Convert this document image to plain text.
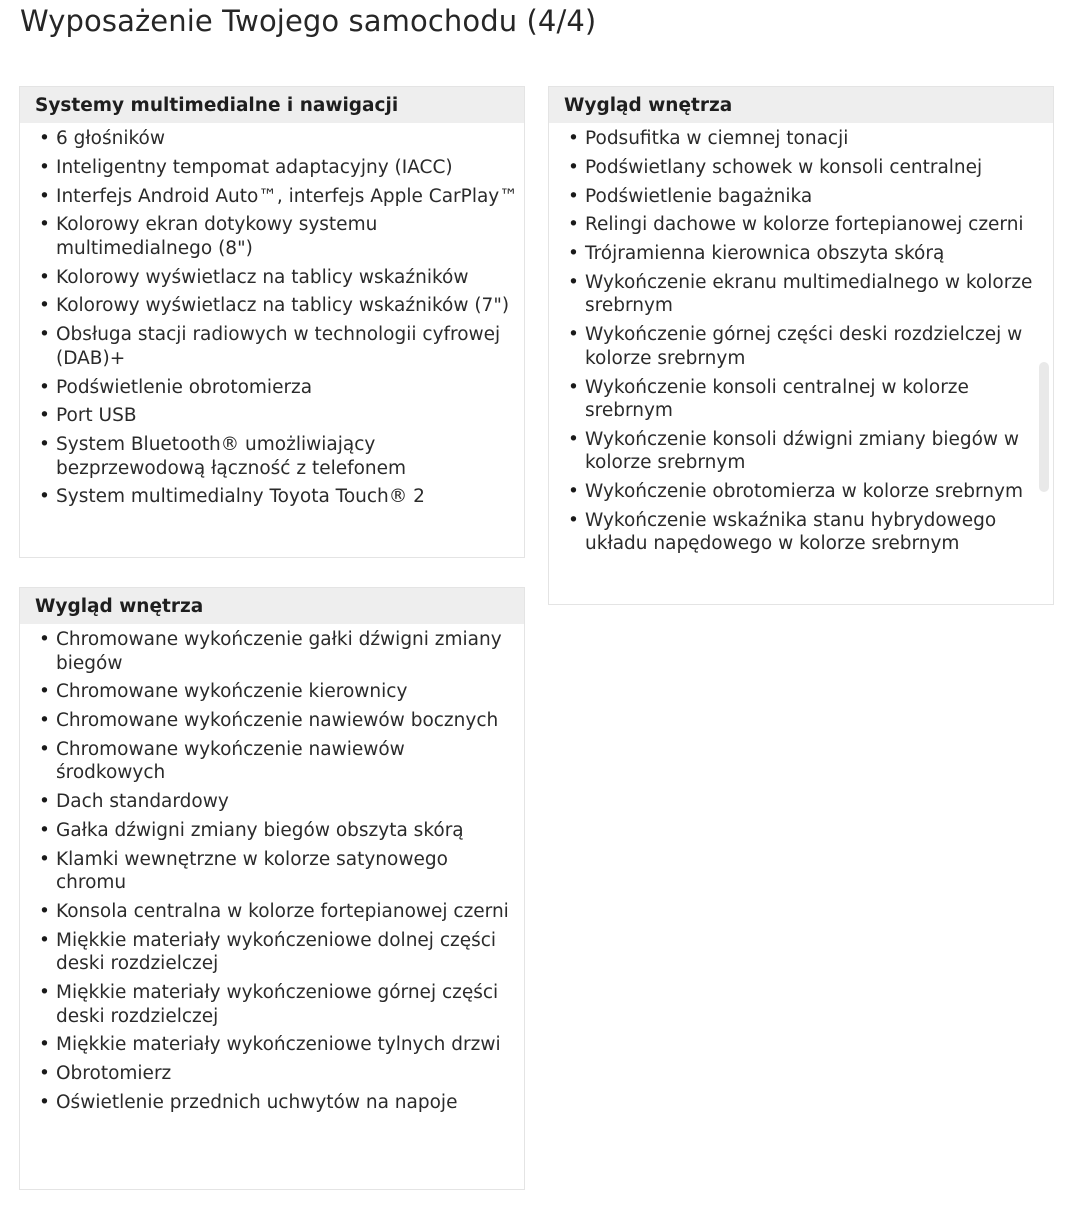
Wyposażenie Twojego samochodu (4/4)
Systemy multimedialne i nawigacji
• 6 głośników
• Inteligentny tempomat adaptacyjny (IACC)
• Interfejs Android Auto™, interfejs Apple CarPlay™
• Kolorowy ekran dotykowy systemu multimedialnego (8")
• Kolorowy wyświetlacz na tablicy wskaźników
• Kolorowy wyświetlacz na tablicy wskaźników (7")
• Obsługa stacji radiowych w technologii cyfrowej (DAB)+
• Podświetlenie obrotomierza
• Port USB
• System Bluetooth® umożliwiający bezprzewodową łączność z telefonem
• System multimedialny Toyota Touch® 2
Wygląd wnętrza
• Chromowane wykończenie gałki dźwigni zmiany biegów
• Chromowane wykończenie kierownicy
• Chromowane wykończenie nawiewów bocznych
• Chromowane wykończenie nawiewów środkowych
• Dach standardowy
• Gałka dźwigni zmiany biegów obszyta skórą
• Klamki wewnętrzne w kolorze satynowego chromu
• Konsola centralna w kolorze fortepianowej czerni
• Miękkie materiały wykończeniowe dolnej części deski rozdzielczej
• Miękkie materiały wykończeniowe górnej części deski rozdzielczej
• Miękkie materiały wykończeniowe tylnych drzwi
• Obrotomierz
• Oświetlenie przednich uchwytów na napoje
Wygląd wnętrza
• Podsufitka w ciemnej tonacji
• Podświetlany schowek w konsoli centralnej
• Podświetlenie bagażnika
• Relingi dachowe w kolorze fortepianowej czerni
• Trójramienna kierownica obszyta skórą
• Wykończenie ekranu multimedialnego w kolorze srebrnym
• Wykończenie górnej części deski rozdzielczej w kolorze srebrnym
• Wykończenie konsoli centralnej w kolorze srebrnym
• Wykończenie konsoli dźwigni zmiany biegów w kolorze srebrnym
• Wykończenie obrotomierza w kolorze srebrnym
• Wykończenie wskaźnika stanu hybrydowego układu napędowego w kolorze srebrnym
